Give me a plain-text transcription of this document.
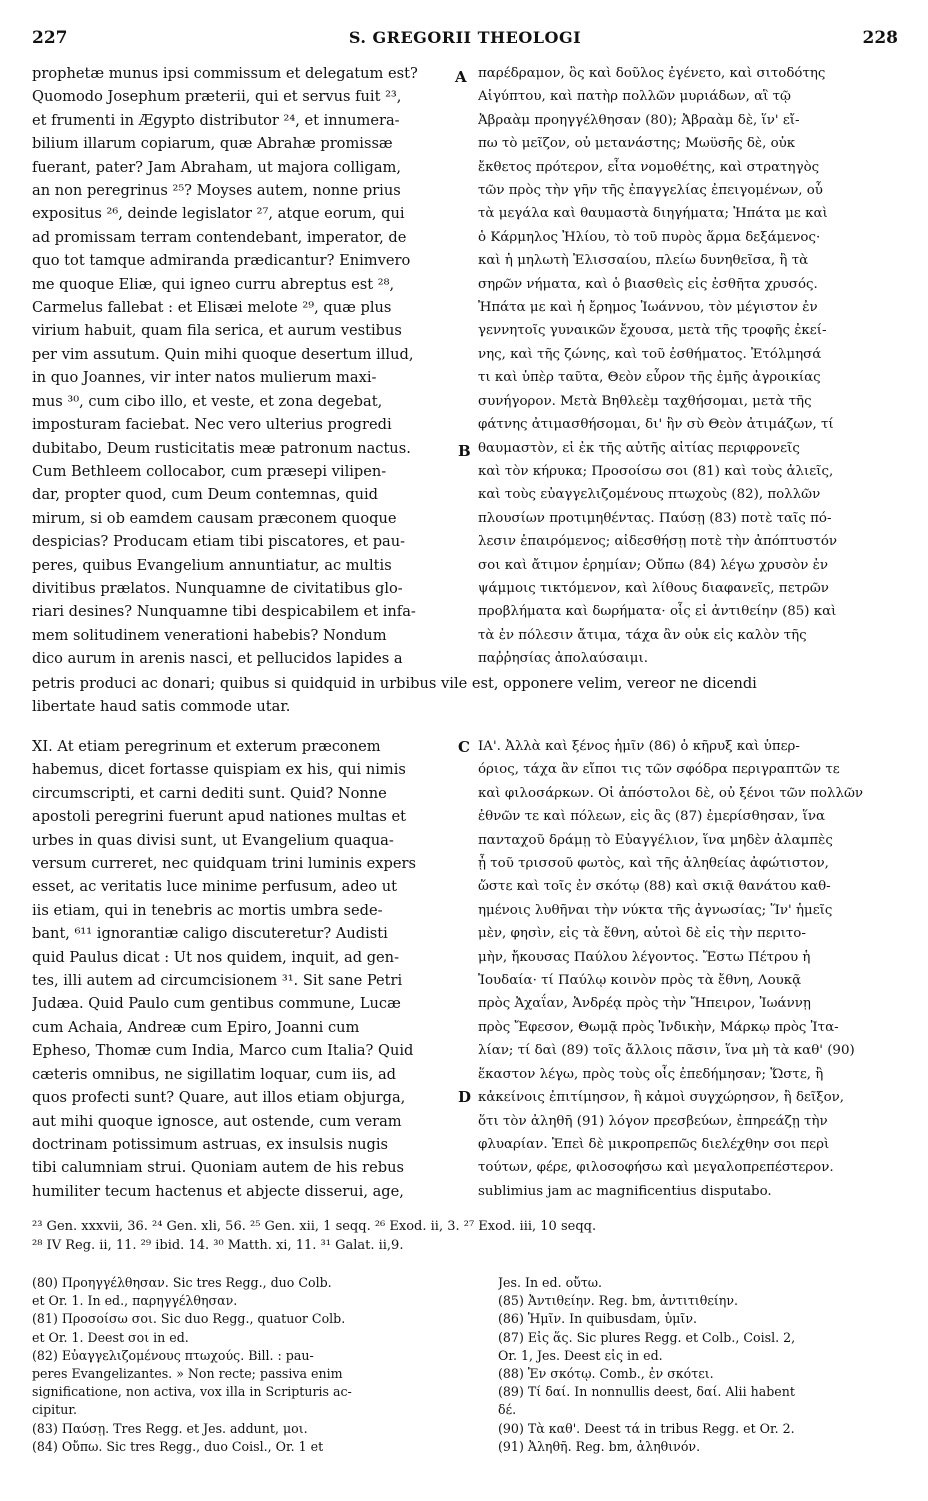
227	S. GREGORII THEOLOGI	228
A
B
C
D
prophetæ munus ipsi commissum et delegatum est?
Quomodo Josephum præterii, qui et servus fuit ²³,
et frumenti in Ægypto distributor ²⁴, et innumera-
bilium illarum copiarum, quæ Abrahæ promissæ
fuerant, pater? Jam Abraham, ut majora colligam,
an non peregrinus ²⁵? Moyses autem, nonne prius
expositus ²⁶, deinde legislator ²⁷, atque eorum, qui
ad promissam terram contendebant, imperator, de
quo tot tamque admiranda prædicantur? Enimvero
me quoque Eliæ, qui igneo curru abreptus est ²⁸,
Carmelus fallebat : et Elisæi melote ²⁹, quæ plus
virium habuit, quam fila serica, et aurum vestibus
per vim assutum. Quin mihi quoque desertum illud,
in quo Joannes, vir inter natos mulierum maxi-
mus ³⁰, cum cibo illo, et veste, et zona degebat,
imposturam faciebat. Nec vero ulterius progredi
dubitabo, Deum rusticitatis meæ patronum nactus.
Cum Bethleem collocabor, cum præsepi vilipen-
dar, propter quod, cum Deum contemnas, quid
mirum, si ob eamdem causam præconem quoque
despicias? Producam etiam tibi piscatores, et pau-
peres, quibus Evangelium annuntiatur, ac multis
divitibus prælatos. Nunquamne de civitatibus glo-
riari desines? Nunquamne tibi despicabilem et infa-
mem solitudinem venerationi habebis? Nondum
dico aurum in arenis nasci, et pellucidos lapides a
παρέδραμον, ὃς καὶ δοῦλος ἐγένετο, καὶ σιτοδότης
Αἰγύπτου, καὶ πατὴρ πολλῶν μυριάδων, αἳ τῷ
Ἀβραὰμ προηγγέλθησαν (80); Ἀβραὰμ δὲ, ἵν' εἴ-
πω τὸ μεῖζον, οὐ μετανάστης; Μωϋσῆς δὲ, οὐκ
ἔκθετος πρότερον, εἶτα νομοθέτης, καὶ στρατηγὸς
τῶν πρὸς τὴν γῆν τῆς ἐπαγγελίας ἐπειγομένων, οὗ
τὰ μεγάλα καὶ θαυμαστὰ διηγήματα; Ἠπάτα με καὶ
ὁ Κάρμηλος Ἠλίου, τὸ τοῦ πυρὸς ἅρμα δεξάμενος·
καὶ ἡ μηλωτὴ Ἐλισσαίου, πλείω δυνηθεῖσα, ἢ τὰ
σηρῶν νήματα, καὶ ὁ βιασθεὶς εἰς ἐσθῆτα χρυσός.
Ἠπάτα με καὶ ἡ ἔρημος Ἰωάννου, τὸν μέγιστον ἐν
γεννητοῖς γυναικῶν ἔχουσα, μετὰ τῆς τροφῆς ἐκεί-
νης, καὶ τῆς ζώνης, καὶ τοῦ ἐσθήματος. Ἐτόλμησά
τι καὶ ὑπὲρ ταῦτα, Θεὸν εὗρον τῆς ἐμῆς ἀγροικίας
συνήγορον. Μετὰ Βηθλεὲμ ταχθήσομαι, μετὰ τῆς
φάτνης ἀτιμασθήσομαι, δι' ἣν σὺ Θεὸν ἀτιμάζων, τί
θαυμαστὸν, εἰ ἐκ τῆς αὐτῆς αἰτίας περιφρονεῖς
καὶ τὸν κήρυκα; Προσοίσω σοι (81) καὶ τοὺς ἁλιεῖς,
καὶ τοὺς εὐαγγελιζομένους πτωχοὺς (82), πολλῶν
πλουσίων προτιμηθέντας. Παύσῃ (83) ποτὲ ταῖς πό-
λεσιν ἐπαιρόμενος; αἰδεσθήσῃ ποτὲ τὴν ἀπόπτυστόν
σοι καὶ ἄτιμον ἐρημίαν; Οὔπω (84) λέγω χρυσὸν ἐν
ψάμμοις τικτόμενον, καὶ λίθους διαφανεῖς, πετρῶν
προβλήματα καὶ δωρήματα· οἷς εἰ ἀντιθείην (85) καὶ
τὰ ἐν πόλεσιν ἄτιμα, τάχα ἂν οὐκ εἰς καλὸν τῆς
παῤῥησίας ἀπολαύσαιμι.
petris produci ac donari; quibus si quidquid in urbibus vile est, opponere velim, vereor ne dicendi
libertate haud satis commode utar.
XI. At etiam peregrinum et exterum præconem
habemus, dicet fortasse quispiam ex his, qui nimis
circumscripti, et carni dediti sunt. Quid? Nonne
apostoli peregrini fuerunt apud nationes multas et
urbes in quas divisi sunt, ut Evangelium quaqua-
versum curreret, nec quidquam trini luminis expers
esset, ac veritatis luce minime perfusum, adeo ut
iis etiam, qui in tenebris ac mortis umbra sede-
bant, ⁶¹¹ ignorantiæ caligo discuteretur? Audisti
quid Paulus dicat : Ut nos quidem, inquit, ad gen-
tes, illi autem ad circumcisionem ³¹. Sit sane Petri
Judæa. Quid Paulo cum gentibus commune, Lucæ
cum Achaia, Andreæ cum Epiro, Joanni cum
Epheso, Thomæ cum India, Marco cum Italia? Quid
cæteris omnibus, ne sigillatim loquar, cum iis, ad
quos profecti sunt? Quare, aut illos etiam objurga,
aut mihi quoque ignosce, aut ostende, cum veram
doctrinam potissimum astruas, ex insulsis nugis
tibi calumniam strui. Quoniam autem de his rebus
humiliter tecum hactenus et abjecte disserui, age,
ΙΑ'. Ἀλλὰ καὶ ξένος ἡμῖν (86) ὁ κῆρυξ καὶ ὑπερ-
όριος, τάχα ἂν εἴποι τις τῶν σφόδρα περιγραπτῶν τε
καὶ φιλοσάρκων. Οἱ ἀπόστολοι δὲ, οὐ ξένοι τῶν πολλῶν
ἐθνῶν τε καὶ πόλεων, εἰς ἃς (87) ἐμερίσθησαν, ἵνα
πανταχοῦ δράμῃ τὸ Εὐαγγέλιον, ἵνα μηδὲν ἀλαμπὲς
ᾖ τοῦ τρισσοῦ φωτὸς, καὶ τῆς ἀληθείας ἀφώτιστον,
ὥστε καὶ τοῖς ἐν σκότῳ (88) καὶ σκιᾷ θανάτου καθ-
ημένοις λυθῆναι τὴν νύκτα τῆς ἀγνωσίας; Ἵν' ἡμεῖς
μὲν, φησὶν, εἰς τὰ ἔθνη, αὐτοὶ δὲ εἰς τὴν περιτο-
μὴν, ἤκουσας Παύλου λέγοντος. Ἔστω Πέτρου ἡ
Ἰουδαία· τί Παύλῳ κοινὸν πρὸς τὰ ἔθνη, Λουκᾷ
πρὸς Ἀχαΐαν, Ἀνδρέᾳ πρὸς τὴν Ἤπειρον, Ἰωάννῃ
πρὸς Ἔφεσον, Θωμᾷ πρὸς Ἰνδικὴν, Μάρκῳ πρὸς Ἰτα-
λίαν; τί δαὶ (89) τοῖς ἄλλοις πᾶσιν, ἵνα μὴ τὰ καθ' (90)
ἕκαστον λέγω, πρὸς τοὺς οἷς ἐπεδήμησαν; Ὥστε, ἢ
κἀκείνοις ἐπιτίμησον, ἢ κἀμοὶ συγχώρησον, ἢ δεῖξον,
ὅτι τὸν ἀληθῆ (91) λόγον πρεσβεύων, ἐπηρεάζῃ τὴν
φλυαρίαν. Ἐπεὶ δὲ μικροπρεπῶς διελέχθην σοι περὶ
τούτων, φέρε, φιλοσοφήσω καὶ μεγαλοπρεπέστερον.
sublimius jam ac magnificentius disputabo.
²³ Gen. xxxvii, 36. ²⁴ Gen. xli, 56. ²⁵ Gen. xii, 1 seqq. ²⁶ Exod. ii, 3. ²⁷ Exod. iii, 10 seqq.
²⁸ IV Reg. ii, 11. ²⁹ ibid. 14. ³⁰ Matth. xi, 11. ³¹ Galat. ii,9.
(80) Προηγγέλθησαν. Sic tres Regg., duo Colb.
et Or. 1. In ed., παρηγγέλθησαν.
(81) Προσοίσω σοι. Sic duo Regg., quatuor Colb.
et Or. 1. Deest σοι in ed.
(82) Εὐαγγελιζομένους πτωχούς. Bill. : pau-
peres Evangelizantes. » Non recte; passiva enim
significatione, non activa, vox illa in Scripturis ac-
cipitur.
(83) Παύσῃ. Tres Regg. et Jes. addunt, μοι.
(84) Οὔπω. Sic tres Regg., duo Coisl., Or. 1 et
Jes. In ed. οὔτω.
(85) Ἀντιθείην. Reg. bm, ἀντιτιθείην.
(86) Ἡμῖν. In quibusdam, ὑμῖν.
(87) Εἰς ἅς. Sic plures Regg. et Colb., Coisl. 2,
Or. 1, Jes. Deest εἰς in ed.
(88) Ἐν σκότῳ. Comb., ἐν σκότει.
(89) Τί δαί. In nonnullis deest, δαί. Alii habent
δέ.
(90) Τὰ καθ'. Deest τά in tribus Regg. et Or. 2.
(91) Ἀληθῆ. Reg. bm, ἀληθινόν.
